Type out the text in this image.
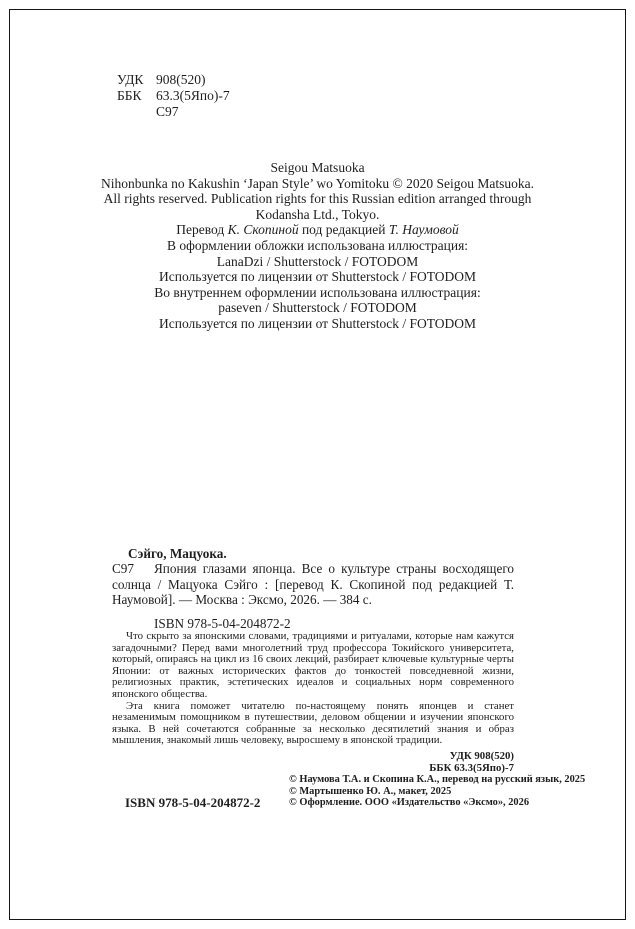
УДК 908(520)
ББК 63.3(5Япо)-7
С97

Seigou Matsuoka

Nihonbunka no Kakushin ‘Japan Style’ wo Yomitoku © 2020 Seigou Matsuoka.
All rights reserved. Publication rights for this Russian edition arranged through
Kodansha Ltd., Tokyo.

Перевод К. Скопиной под редакцией Т. Наумовой

В оформлении обложки использована иллюстрация:
LanaDzi / Shutterstock / FOTODOM
Используется по лицензии от Shutterstock / FOTODOM

Во внутреннем оформлении использована иллюстрация:
paseven / Shutterstock / FOTODOM
Используется по лицензии от Shutterstock / FOTODOM

Сэйго, Мацуока.

С97	Япония глазами японца. Все о культуре страны восходящего солнца / Мацуока Сэйго : [перевод К. Скопиной под редакцией Т. Наумовой]. — Москва : Эксмо, 2026. — 384 с.

ISBN 978-5-04-204872-2

Что скрыто за японскими словами, традициями и ритуалами, которые нам кажутся загадочными? Перед вами многолетний труд профессора Токийского университета, который, опираясь на цикл из 16 своих лекций, разбирает ключевые культурные черты Японии: от важных исторических фактов до тонкостей повседневной жизни, религиозных практик, эстетических идеалов и социальных норм современного японского общества.

Эта книга поможет читателю по-настоящему понять японцев и станет незаменимым помощником в путешествии, деловом общении и изучении японского языка. В ней сочетаются собранные за несколько десятилетий знания и образ мышления, знакомый лишь человеку, выросшему в японской традиции.

УДК 908(520)
ББК 63.3(5Япо)-7
ISBN 978-5-04-204872-2
© Наумова Т.А. и Скопина К.А., перевод на русский язык, 2025
© Мартышенко Ю. А., макет, 2025
© Оформление. ООО «Издательство «Эксмо», 2026
